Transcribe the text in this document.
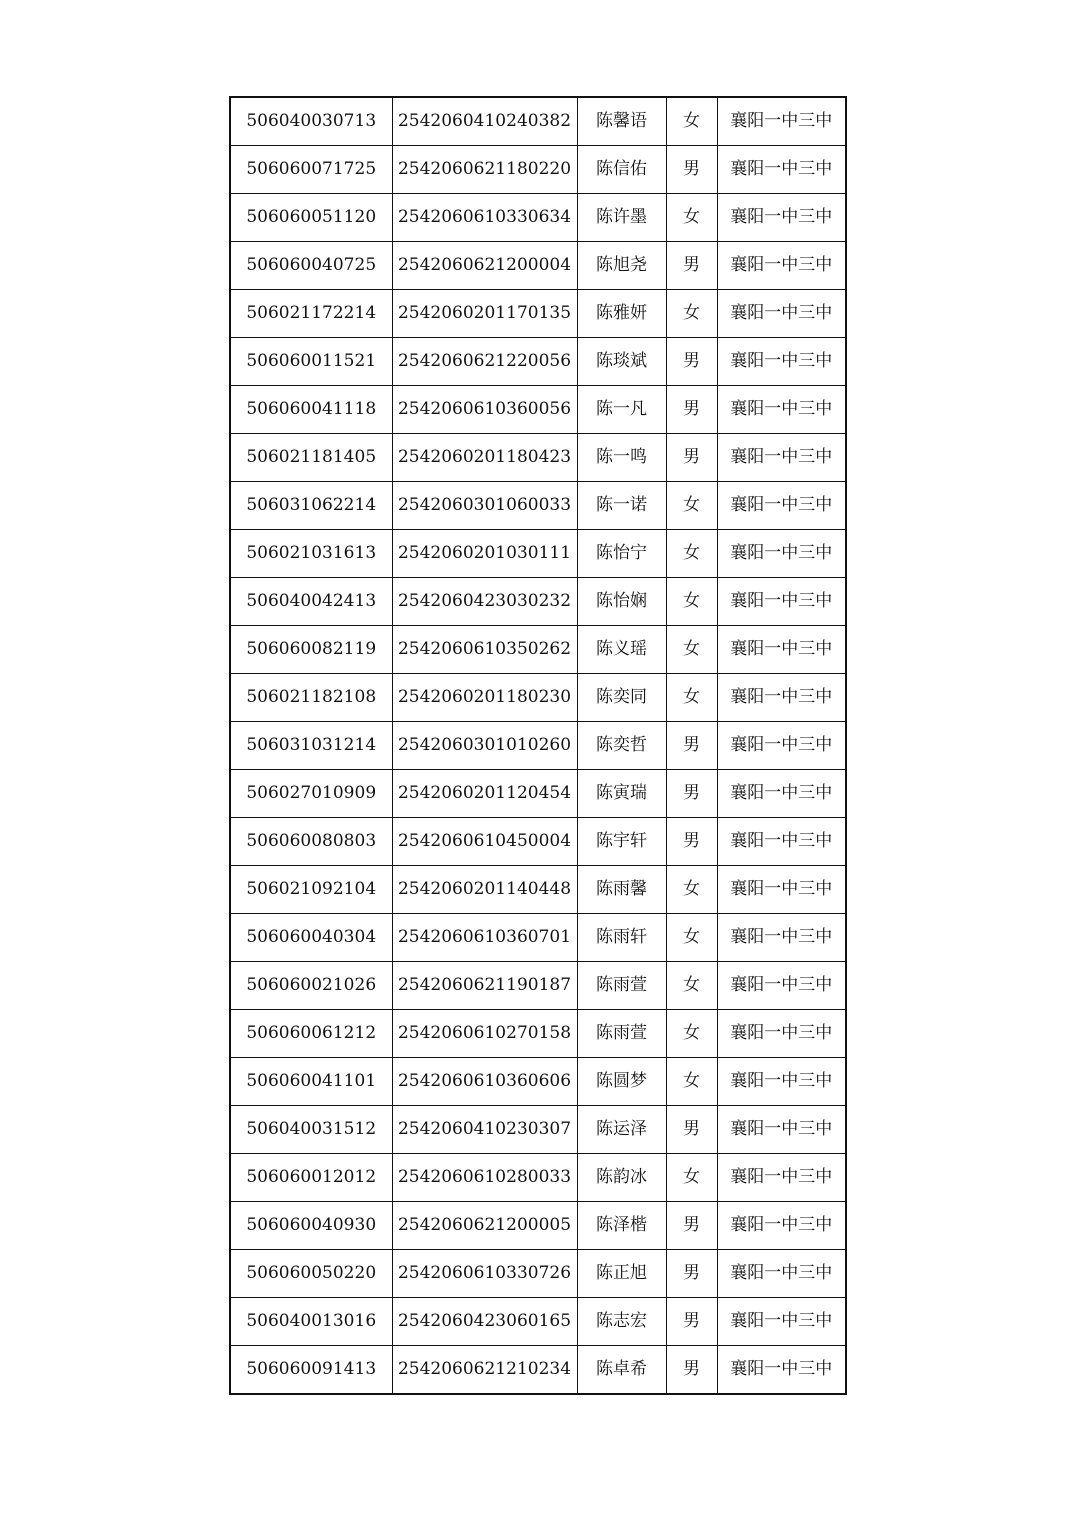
506040030713	2542060410240382	陈馨语	女	襄阳一中三中
506060071725	2542060621180220	陈信佑	男	襄阳一中三中
506060051120	2542060610330634	陈许墨	女	襄阳一中三中
506060040725	2542060621200004	陈旭尧	男	襄阳一中三中
506021172214	2542060201170135	陈雅妍	女	襄阳一中三中
506060011521	2542060621220056	陈琰斌	男	襄阳一中三中
506060041118	2542060610360056	陈一凡	男	襄阳一中三中
506021181405	2542060201180423	陈一鸣	男	襄阳一中三中
506031062214	2542060301060033	陈一诺	女	襄阳一中三中
506021031613	2542060201030111	陈怡宁	女	襄阳一中三中
506040042413	2542060423030232	陈怡娴	女	襄阳一中三中
506060082119	2542060610350262	陈义瑶	女	襄阳一中三中
506021182108	2542060201180230	陈奕同	女	襄阳一中三中
506031031214	2542060301010260	陈奕哲	男	襄阳一中三中
506027010909	2542060201120454	陈寅瑞	男	襄阳一中三中
506060080803	2542060610450004	陈宇轩	男	襄阳一中三中
506021092104	2542060201140448	陈雨馨	女	襄阳一中三中
506060040304	2542060610360701	陈雨轩	女	襄阳一中三中
506060021026	2542060621190187	陈雨萱	女	襄阳一中三中
506060061212	2542060610270158	陈雨萱	女	襄阳一中三中
506060041101	2542060610360606	陈圆梦	女	襄阳一中三中
506040031512	2542060410230307	陈运泽	男	襄阳一中三中
506060012012	2542060610280033	陈韵冰	女	襄阳一中三中
506060040930	2542060621200005	陈泽楷	男	襄阳一中三中
506060050220	2542060610330726	陈正旭	男	襄阳一中三中
506040013016	2542060423060165	陈志宏	男	襄阳一中三中
506060091413	2542060621210234	陈卓希	男	襄阳一中三中
